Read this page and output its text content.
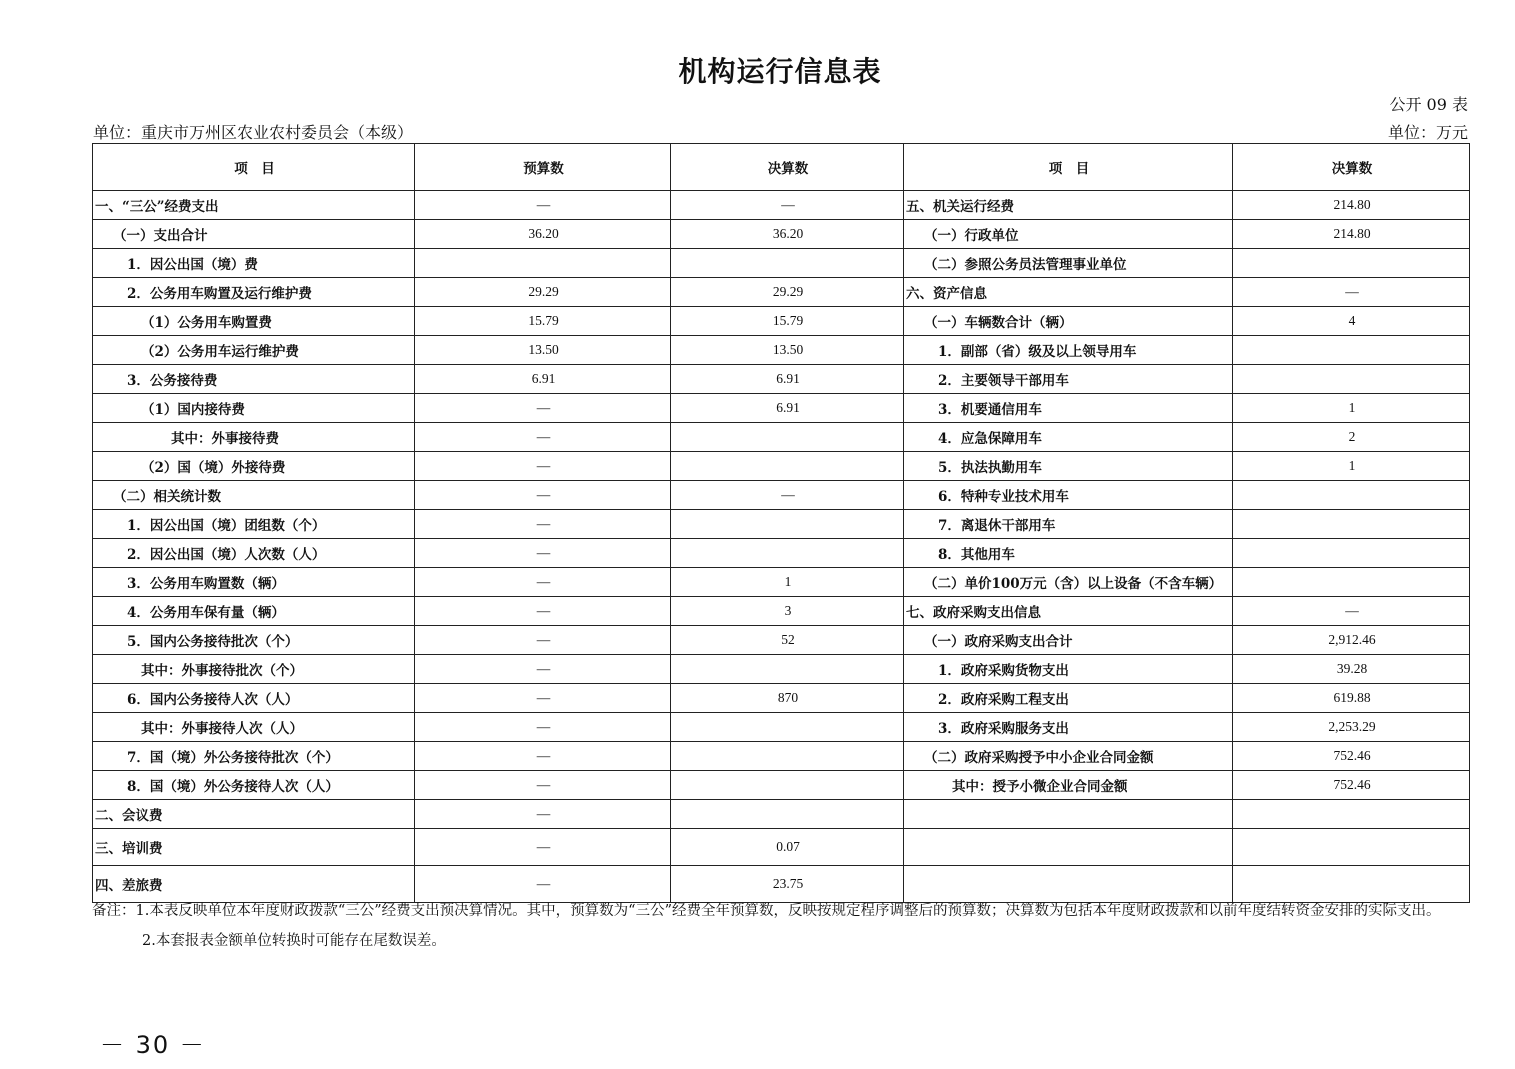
机构运行信息表
公开 09 表
单位：重庆市万州区农业农村委员会（本级）	单位：万元
项　目	预算数	决算数	项　目	决算数
一、“三公”经费支出	—	—	五、机关运行经费	214.80
（一）支出合计	36.20	36.20	（一）行政单位	214.80
1．因公出国（境）费			（二）参照公务员法管理事业单位	
2．公务用车购置及运行维护费	29.29	29.29	六、资产信息	—
（1）公务用车购置费	15.79	15.79	（一）车辆数合计（辆）	4
（2）公务用车运行维护费	13.50	13.50	1．副部（省）级及以上领导用车	
3．公务接待费	6.91	6.91	2．主要领导干部用车	
（1）国内接待费	—	6.91	3．机要通信用车	1
其中：外事接待费	—		4．应急保障用车	2
（2）国（境）外接待费	—		5．执法执勤用车	1
（二）相关统计数	—	—	6．特种专业技术用车	
1．因公出国（境）团组数（个）	—		7．离退休干部用车	
2．因公出国（境）人次数（人）	—		8．其他用车	
3．公务用车购置数（辆）	—	1	（二）单价100万元（含）以上设备（不含车辆）	
4．公务用车保有量（辆）	—	3	七、政府采购支出信息	—
5．国内公务接待批次（个）	—	52	（一）政府采购支出合计	2,912.46
其中：外事接待批次（个）	—		1．政府采购货物支出	39.28
6．国内公务接待人次（人）	—	870	2．政府采购工程支出	619.88
其中：外事接待人次（人）	—		3．政府采购服务支出	2,253.29
7．国（境）外公务接待批次（个）	—		（二）政府采购授予中小企业合同金额	752.46
8．国（境）外公务接待人次（人）	—		其中：授予小微企业合同金额	752.46
二、会议费	—			
三、培训费	—	0.07		
四、差旅费	—	23.75		
备注：1.本表反映单位本年度财政拨款“三公”经费支出预决算情况。其中，预算数为“三公”经费全年预算数，反映按规定程序调整后的预算数；决算数为包括本年度财政拨款和以前年度结转资金安排的实际支出。
2.本套报表金额单位转换时可能存在尾数误差。
－ 30 －
